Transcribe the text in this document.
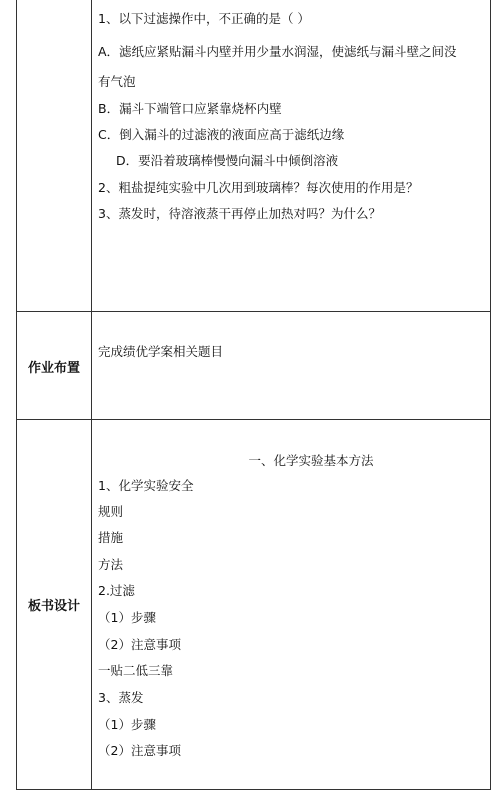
1、以下过滤操作中，不正确的是（ ）
A．滤纸应紧贴漏斗内壁并用少量水润湿，使滤纸与漏斗壁之间没
有气泡
B．漏斗下端管口应紧靠烧杯内壁
C．倒入漏斗的过滤液的液面应高于滤纸边缘
D．要沿着玻璃棒慢慢向漏斗中倾倒溶液
2、粗盐提纯实验中几次用到玻璃棒？每次使用的作用是？
3、蒸发时，待溶液蒸干再停止加热对吗？为什么？
作业布置
完成绩优学案相关题目
板书设计
一、化学实验基本方法
1、化学实验安全
规则
措施
方法
2.过滤
（1）步骤
（2）注意事项
一贴二低三靠
3、蒸发
（1）步骤
（2）注意事项
